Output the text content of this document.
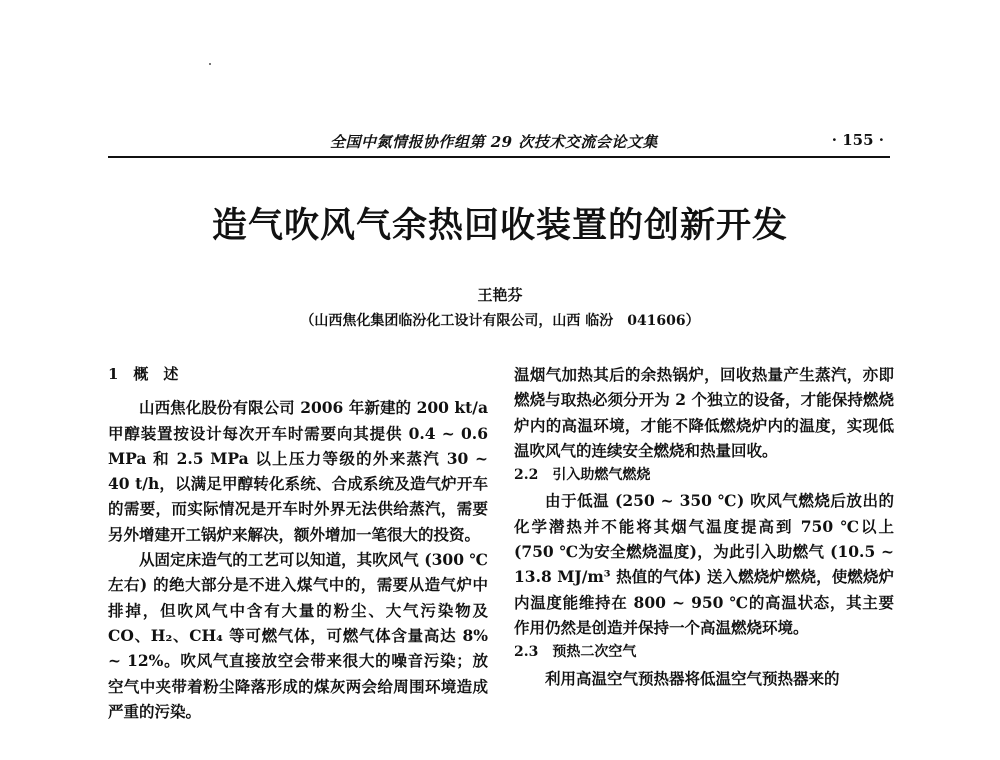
全国中氮情报协作组第 29 次技术交流会论文集	· 155 ·
造气吹风气余热回收装置的创新开发
王艳芬
（山西焦化集团临汾化工设计有限公司，山西 临汾　041606）
1　概　述

山西焦化股份有限公司 2006 年新建的 200 kt/a 甲醇装置按设计每次开车时需要向其提供 0.4 ~ 0.6 MPa 和 2.5 MPa 以上压力等级的外来蒸汽 30 ~ 40 t/h，以满足甲醇转化系统、合成系统及造气炉开车的需要，而实际情况是开车时外界无法供给蒸汽，需要另外增建开工锅炉来解决，额外增加一笔很大的投资。

从固定床造气的工艺可以知道，其吹风气 (300 ℃左右) 的绝大部分是不进入煤气中的，需要从造气炉中排掉，但吹风气中含有大量的粉尘、大气污染物及 CO、H₂、CH₄ 等可燃气体，可燃气体含量高达 8% ~ 12%。吹风气直接放空会带来很大的噪音污染；放空气中夹带着粉尘降落形成的煤灰两会给周围环境造成严重的污染。

温烟气加热其后的余热锅炉，回收热量产生蒸汽，亦即燃烧与取热必须分开为 2 个独立的设备，才能保持燃烧炉内的高温环境，才能不降低燃烧炉内的温度，实现低温吹风气的连续安全燃烧和热量回收。

2.2　引入助燃气燃烧

由于低温 (250 ~ 350 ℃) 吹风气燃烧后放出的化学潜热并不能将其烟气温度提高到 750 ℃以上 (750 ℃为安全燃烧温度)，为此引入助燃气 (10.5 ~ 13.8 MJ/m³ 热值的气体) 送入燃烧炉燃烧，使燃烧炉内温度能维持在 800 ~ 950 ℃的高温状态，其主要作用仍然是创造并保持一个高温燃烧环境。

2.3　预热二次空气

利用高温空气预热器将低温空气预热器来的
